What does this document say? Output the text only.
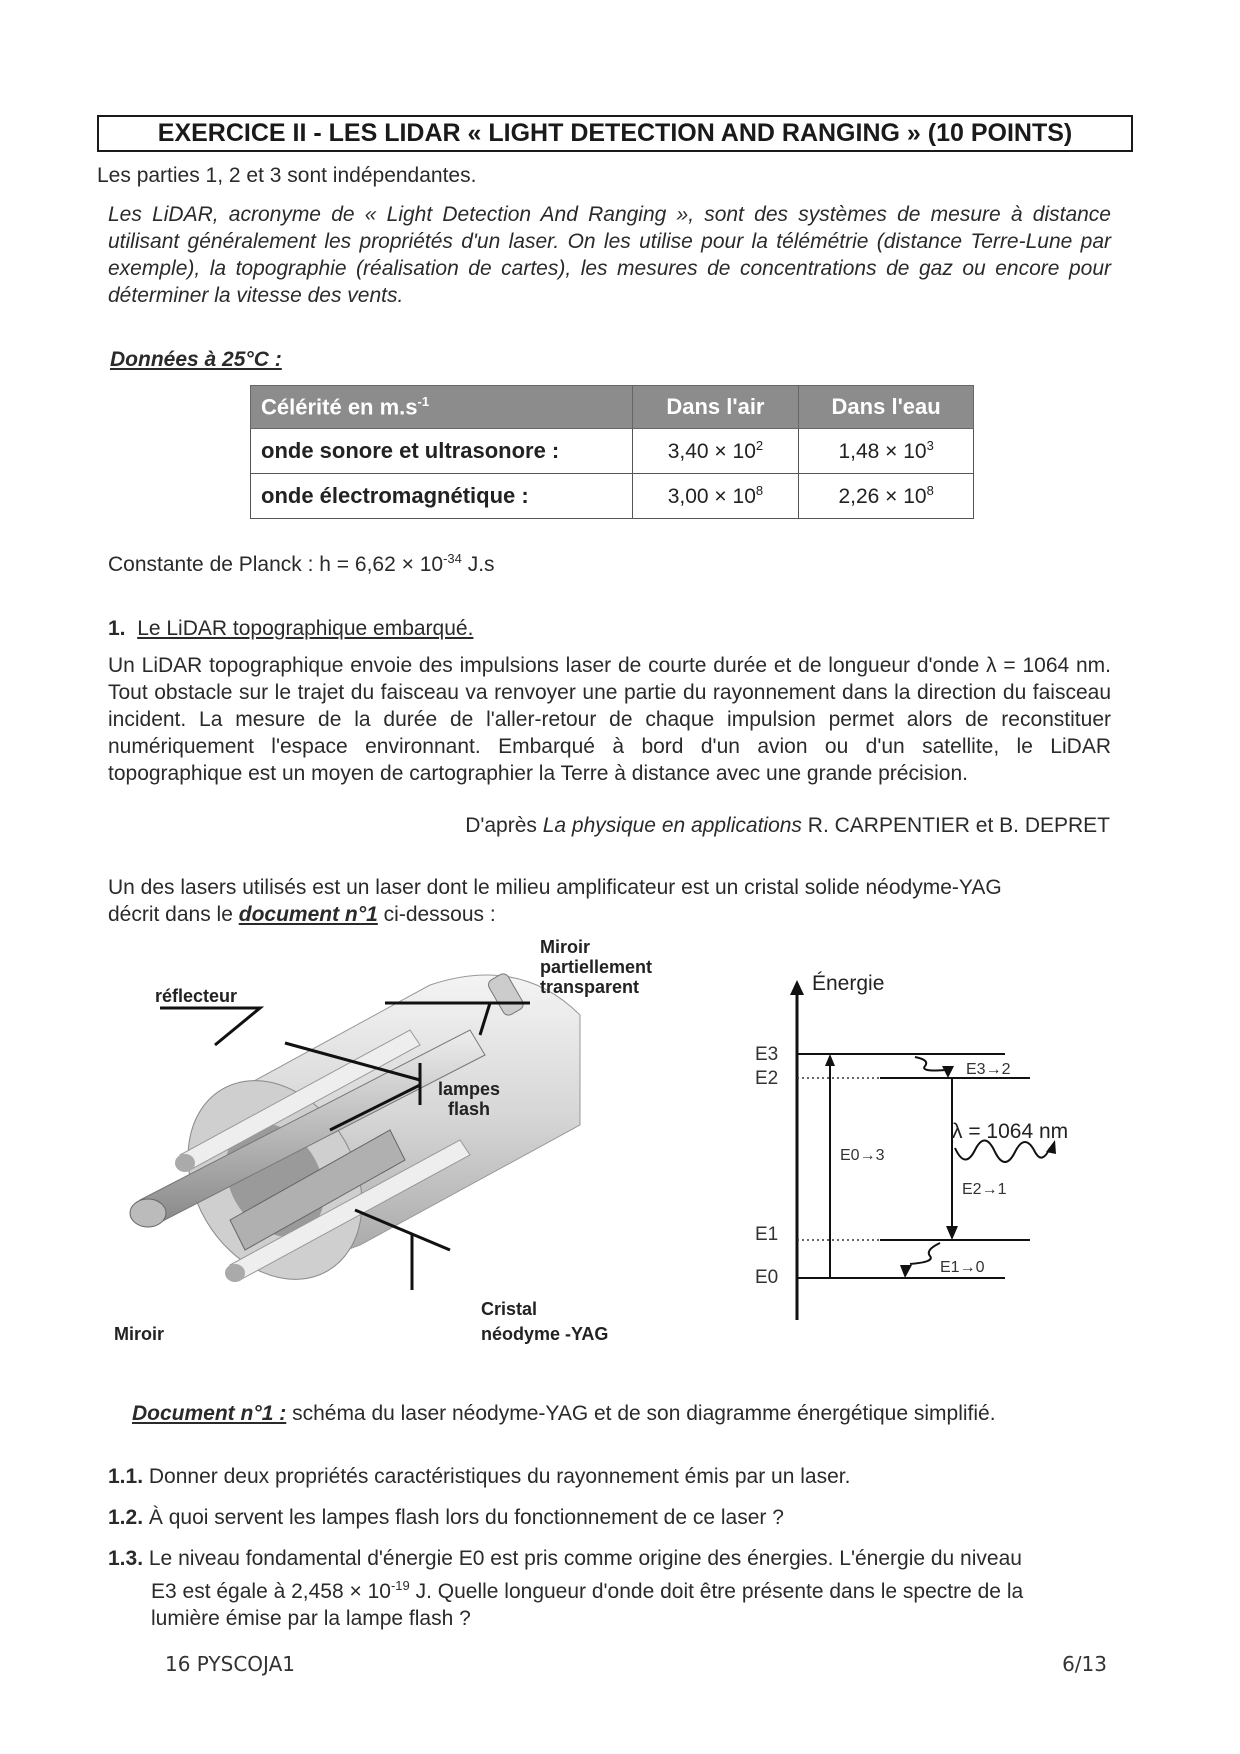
EXERCICE II - LES LIDAR « LIGHT DETECTION AND RANGING » (10 POINTS)
Les parties 1, 2 et 3 sont indépendantes.
Les LiDAR, acronyme de « Light Detection And Ranging », sont des systèmes de mesure à distance utilisant généralement les propriétés d'un laser. On les utilise pour la télémétrie (distance Terre-Lune par exemple), la topographie (réalisation de cartes), les mesures de concentrations de gaz ou encore pour déterminer la vitesse des vents.
Données à 25°C :
Célérité en $m.s^{-1}$	Dans l'air	Dans l'eau
onde sonore et ultrasonore :	$3,40 \times 10^2$	$1,48 \times 10^3$
onde électromagnétique :	$3,00 \times 10^8$	$2,26 \times 10^8$
Constante de Planck : $h = 6,62 \times 10^{-34}$ J.s
1. Le LiDAR topographique embarqué.
Un LiDAR topographique envoie des impulsions laser de courte durée et de longueur d'onde λ = 1064 nm. Tout obstacle sur le trajet du faisceau va renvoyer une partie du rayonnement dans la direction du faisceau incident. La mesure de la durée de l'aller-retour de chaque impulsion permet alors de reconstituer numériquement l'espace environnant. Embarqué à bord d'un avion ou d'un satellite, le LiDAR topographique est un moyen de cartographier la Terre à distance avec une grande précision.
D'après La physique en applications R. CARPENTIER et B. DEPRET
Un des lasers utilisés est un laser dont le milieu amplificateur est un cristal solide néodyme-YAG
décrit dans le document n°1 ci-dessous :
réflecteur
Miroir
partiellement
transparent
lampes
flash
Cristal
néodyme -YAG
Miroir
Énergie
E3
E2
E1
E0
E0→3
E3→2
E2→1
λ = 1064 nm
E1→0
Document n°1 : schéma du laser néodyme-YAG et de son diagramme énergétique simplifié.
1.1. Donner deux propriétés caractéristiques du rayonnement émis par un laser.
1.2. À quoi servent les lampes flash lors du fonctionnement de ce laser ?
1.3. Le niveau fondamental d'énergie E0 est pris comme origine des énergies. L'énergie du niveau
E3 est égale à $2,458 \times 10^{-19}$ J. Quelle longueur d'onde doit être présente dans le spectre de la
lumière émise par la lampe flash ?
16 PYSCOJA1	6/13
